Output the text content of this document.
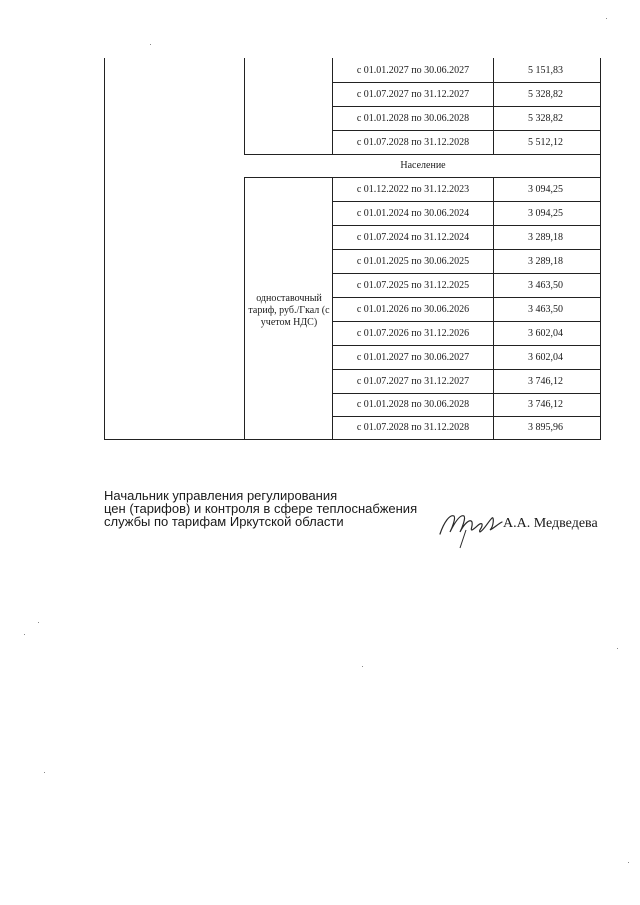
с 01.01.2027 по 30.06.2027	5 151,83
с 01.07.2027 по 31.12.2027	5 328,82
с 01.01.2028 по 30.06.2028	5 328,82
с 01.07.2028 по 31.12.2028	5 512,12
Население
одноставочный тариф, руб./Гкал (с учетом НДС)
с 01.12.2022 по 31.12.2023	3 094,25
с 01.01.2024 по 30.06.2024	3 094,25
с 01.07.2024 по 31.12.2024	3 289,18
с 01.01.2025 по 30.06.2025	3 289,18
с 01.07.2025 по 31.12.2025	3 463,50
с 01.01.2026 по 30.06.2026	3 463,50
с 01.07.2026 по 31.12.2026	3 602,04
с 01.01.2027 по 30.06.2027	3 602,04
с 01.07.2027 по 31.12.2027	3 746,12
с 01.01.2028 по 30.06.2028	3 746,12
с 01.07.2028 по 31.12.2028	3 895,96
Начальник управления регулирования
цен (тарифов) и контроля в сфере теплоснабжения
службы по тарифам Иркутской области	А.А. Медведева
